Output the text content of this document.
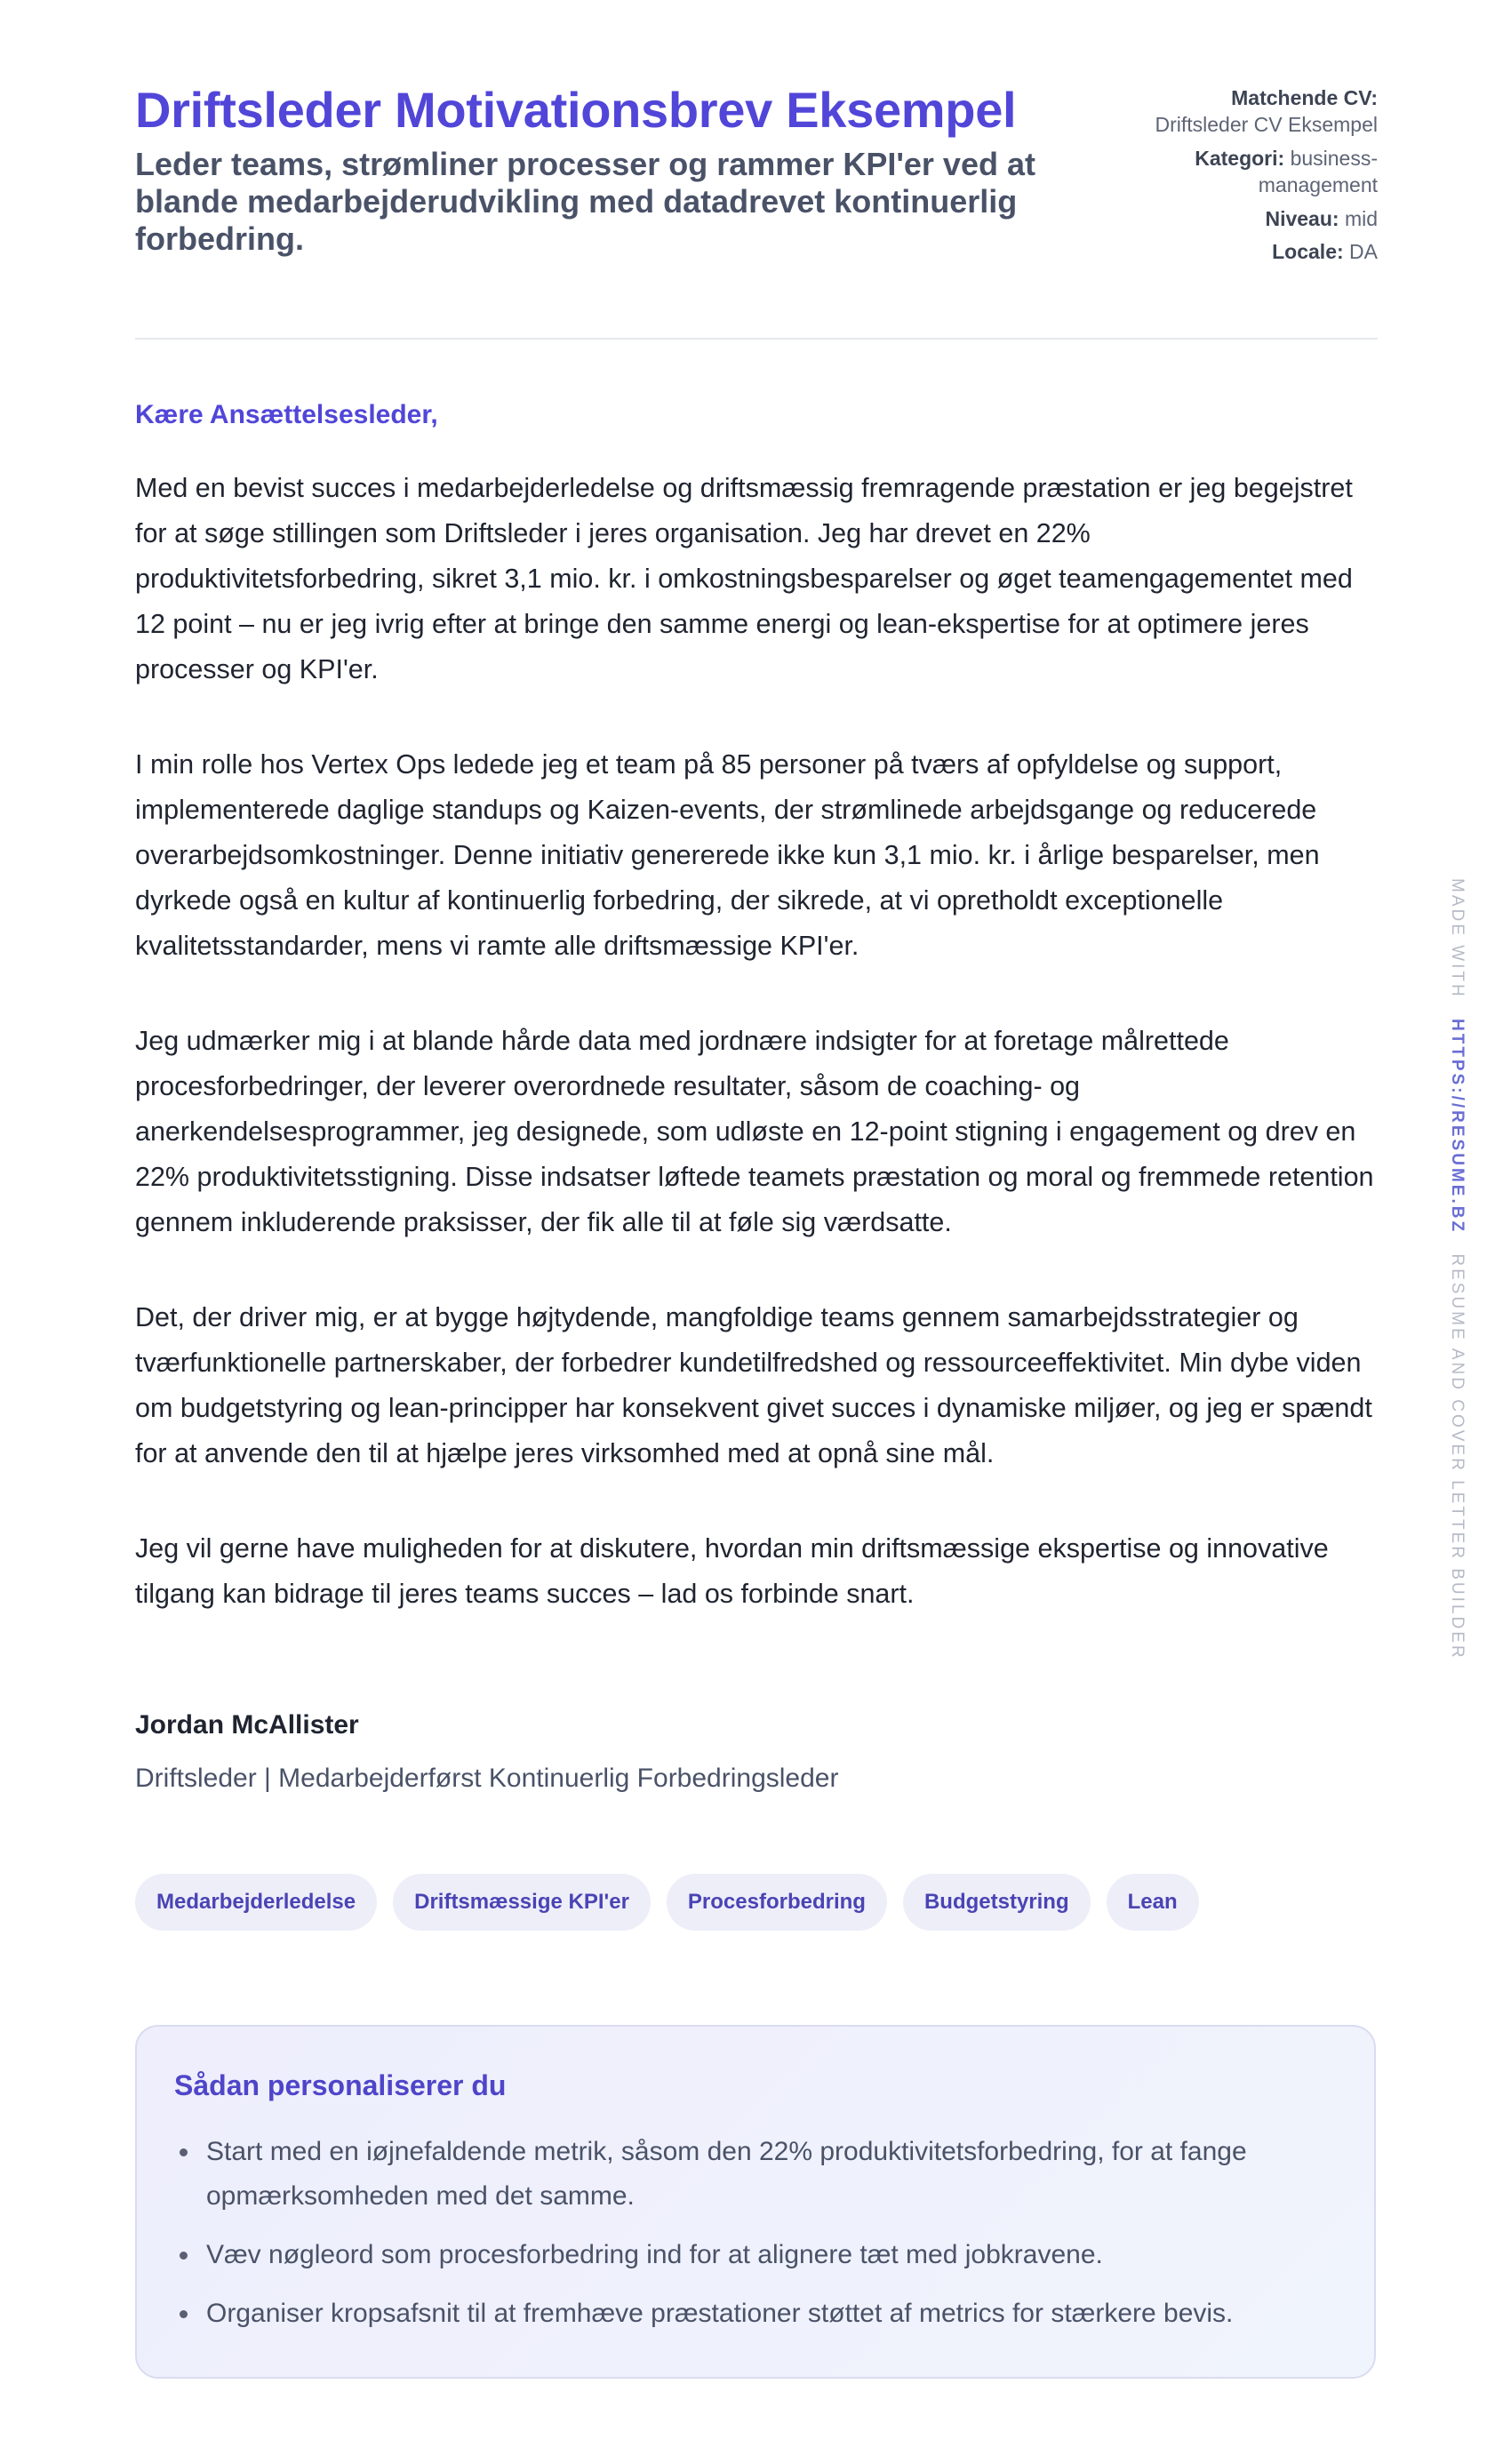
Driftsleder Motivationsbrev Eksempel
Leder teams, strømliner processer og rammer KPI'er ved at blande medarbejderudvikling med datadrevet kontinuerlig forbedring.
Matchende CV: Driftsleder CV Eksempel
Kategori: business-management
Niveau: mid
Locale: DA

Kære Ansættelsesleder,

Med en bevist succes i medarbejderledelse og driftsmæssig fremragende præstation er jeg begejstret for at søge stillingen som Driftsleder i jeres organisation. Jeg har drevet en 22% produktivitetsforbedring, sikret 3,1 mio. kr. i omkostningsbesparelser og øget teamengagementet med 12 point – nu er jeg ivrig efter at bringe den samme energi og lean-ekspertise for at optimere jeres processer og KPI'er.

I min rolle hos Vertex Ops ledede jeg et team på 85 personer på tværs af opfyldelse og support, implementerede daglige standups og Kaizen-events, der strømlinede arbejdsgange og reducerede overarbejdsomkostninger. Denne initiativ genererede ikke kun 3,1 mio. kr. i årlige besparelser, men dyrkede også en kultur af kontinuerlig forbedring, der sikrede, at vi opretholdt exceptionelle kvalitetsstandarder, mens vi ramte alle driftsmæssige KPI'er.

Jeg udmærker mig i at blande hårde data med jordnære indsigter for at foretage målrettede procesforbedringer, der leverer overordnede resultater, såsom de coaching- og anerkendelsesprogrammer, jeg designede, som udløste en 12-point stigning i engagement og drev en 22% produktivitetsstigning. Disse indsatser løftede teamets præstation og moral og fremmede retention gennem inkluderende praksisser, der fik alle til at føle sig værdsatte.

Det, der driver mig, er at bygge højtydende, mangfoldige teams gennem samarbejdsstrategier og tværfunktionelle partnerskaber, der forbedrer kundetilfredshed og ressourceeffektivitet. Min dybe viden om budgetstyring og lean-principper har konsekvent givet succes i dynamiske miljøer, og jeg er spændt for at anvende den til at hjælpe jeres virksomhed med at opnå sine mål.

Jeg vil gerne have muligheden for at diskutere, hvordan min driftsmæssige ekspertise og innovative tilgang kan bidrage til jeres teams succes – lad os forbinde snart.

Jordan McAllister

Driftsleder | Medarbejderførst Kontinuerlig Forbedringsleder

Medarbejderledelse	Driftsmæssige KPI'er	Procesforbedring	Budgetstyring	Lean
Sådan personaliserer du
Start med en iøjnefaldende metrik, såsom den 22% produktivitetsforbedring, for at fange opmærksomheden med det samme.
Væv nøgleord som procesforbedring ind for at alignere tæt med jobkravene.
Organiser kropsafsnit til at fremhæve præstationer støttet af metrics for stærkere bevis.
MADE WITH HTTPS://RESUME.BZ RESUME AND COVER LETTER BUILDER
